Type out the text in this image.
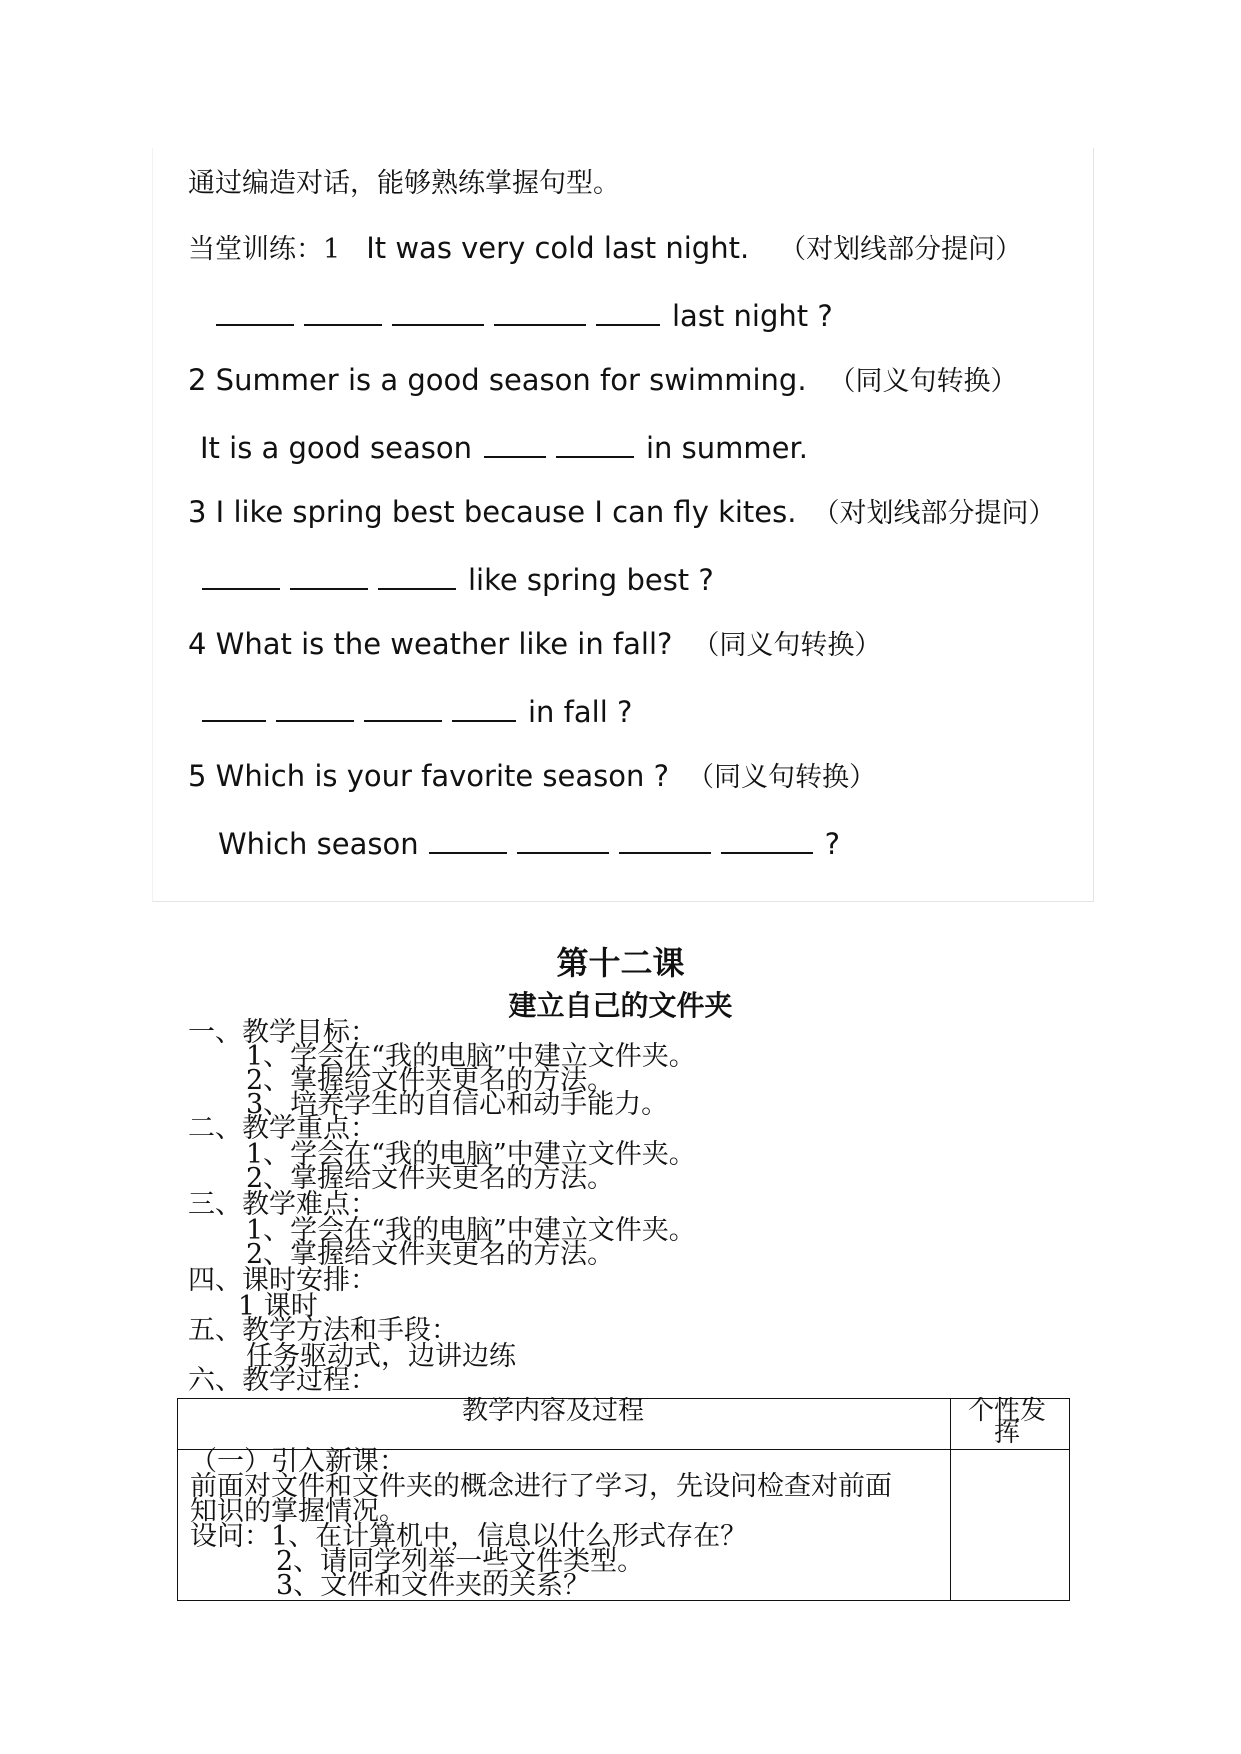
通过编造对话，能够熟练掌握句型。
当堂训练：1 It was very cold last night. （对划线部分提问）
last night ?
2 Summer is a good season for swimming. （同义句转换）
It is a good season	in summer.
3 I like spring best because I can fly kites. （对划线部分提问）
like spring best ?
4 What is the weather like in fall? （同义句转换）
in fall ?
5 Which is your favorite season ? （同义句转换）
Which season	?
第十二课
建立自己的文件夹
一、教学目标：
1、学会在“我的电脑”中建立文件夹。
2、掌握给文件夹更名的方法。
3、培养学生的自信心和动手能力。
二、教学重点：
1、学会在“我的电脑”中建立文件夹。
2、掌握给文件夹更名的方法。
三、教学难点：
1、学会在“我的电脑”中建立文件夹。
2、掌握给文件夹更名的方法。
四、课时安排：
1 课时
五、教学方法和手段：
任务驱动式，边讲边练
六、教学过程：
教学内容及过程	个性发
挥
（一）引入新课：
前面对文件和文件夹的概念进行了学习，先设问检查对前面
知识的掌握情况。
设问：1、在计算机中，信息以什么形式存在？
2、请同学列举一些文件类型。
3、文件和文件夹的关系？
